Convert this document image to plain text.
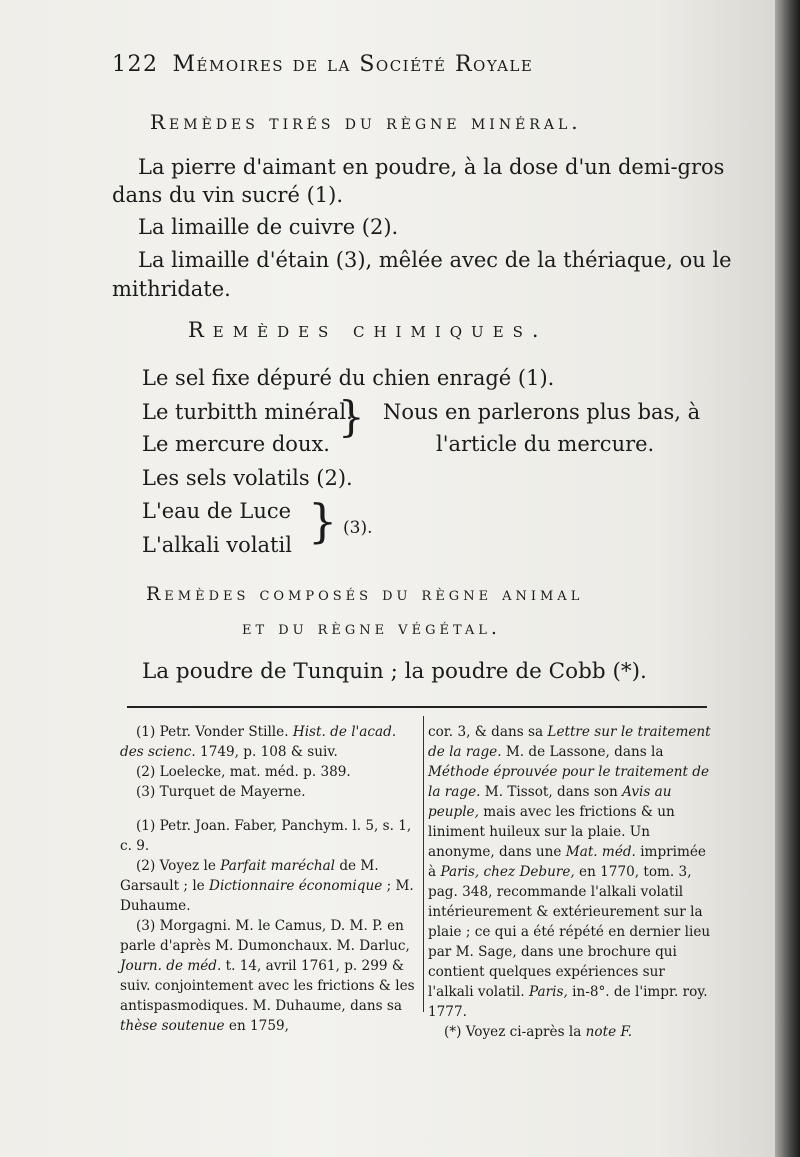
122 Mémoires de la Société Royale
Remèdes tirés du règne minéral.
La pierre d'aimant en poudre, à la dose d'un demi-gros
dans du vin sucré (1).
La limaille de cuivre (2).
La limaille d'étain (3), mêlée avec de la thériaque, ou le
mithridate.
Remèdes chimiques.
Le sel fixe dépuré du chien enragé (1).
Le turbitth minéral.
Le mercure doux.
} Nous en parlerons plus bas, à
l'article du mercure.
Les sels volatils (2).
L'eau de Luce
L'alkali volatil } (3).
Remèdes composés du règne animal
et du règne végétal.
La poudre de Tunquin ; la poudre de Cobb (*).

(1) Petr. Vonder Stille. Hist. de l'acad. des scienc. 1749, p. 108 & suiv.

(2) Loelecke, mat. méd. p. 389.

(3) Turquet de Mayerne.

(1) Petr. Joan. Faber, Panchym. l. 5, s. 1, c. 9.

(2) Voyez le Parfait maréchal de M. Garsault ; le Dictionnaire économique ; M. Duhaume.

(3) Morgagni. M. le Camus, D. M. P. en parle d'après M. Dumonchaux. M. Darluc, Journ. de méd. t. 14, avril 1761, p. 299 & suiv. conjointement avec les frictions & les antispasmodiques. M. Duhaume, dans sa thèse soutenue en 1759,

cor. 3, & dans sa Lettre sur le traitement de la rage. M. de Lassone, dans la Méthode éprouvée pour le traitement de la rage. M. Tissot, dans son Avis au peuple, mais avec les frictions & un liniment huileux sur la plaie. Un anonyme, dans une Mat. méd. imprimée à Paris, chez Debure, en 1770, tom. 3, pag. 348, recommande l'alkali volatil intérieurement & extérieurement sur la plaie ; ce qui a été répété en dernier lieu par M. Sage, dans une brochure qui contient quelques expériences sur l'alkali volatil. Paris, in-8°. de l'impr. roy. 1777.

(*) Voyez ci-après la note F.
